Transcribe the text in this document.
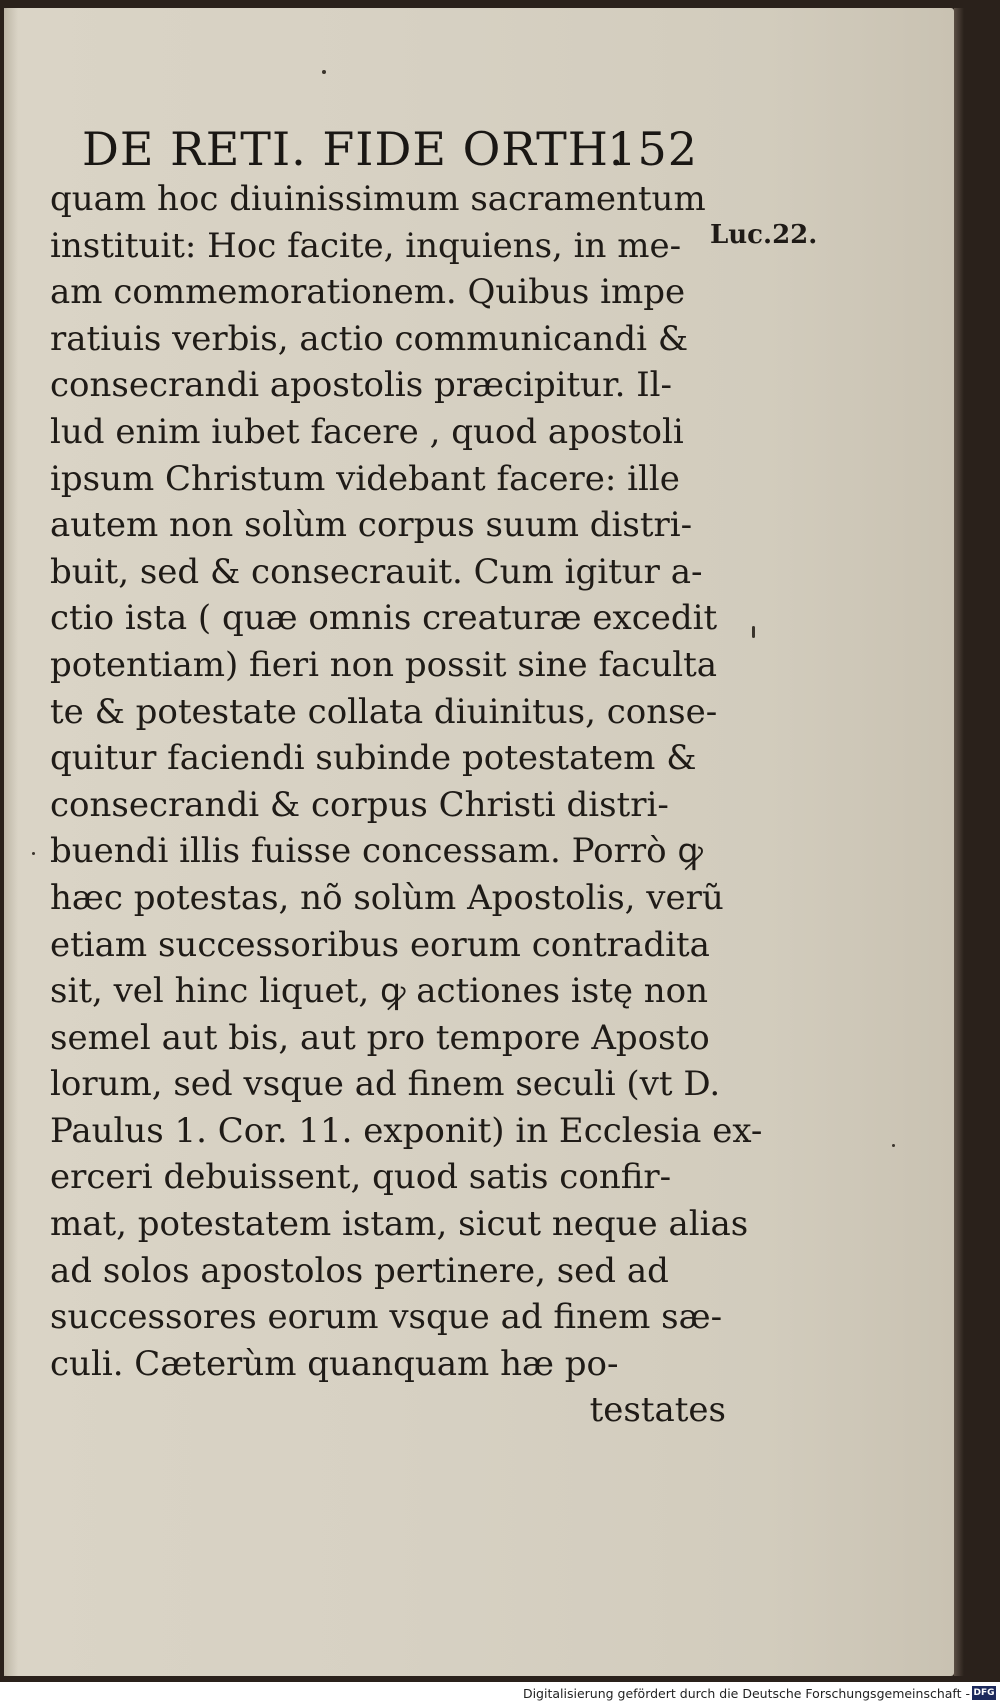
DE RETI. FIDE ORTH.
152
Luc.22.
quam hoc diuinissimum sacramentum
instituit: Hoc facite, inquiens, in me-
am commemorationem. Quibus impe
ratiuis verbis, actio communicandi &
consecrandi apostolis præcipitur. Il-
lud enim iubet facere , quod apostoli
ipsum Christum videbant facere: ille
autem non solùm corpus suum distri-
buit, sed & consecrauit. Cum igitur a-
ctio ista ( quæ omnis creaturæ excedit
potentiam) fieri non possit sine faculta
te & potestate collata diuinitus, conse-
quitur faciendi subinde potestatem &
consecrandi & corpus Christi distri-
buendi illis fuisse concessam. Porrò ꝙ
hæc potestas, nõ solùm Apostolis, verũ
etiam successoribus eorum contradita
sit, vel hinc liquet, ꝙ actiones istę non
semel aut bis, aut pro tempore Aposto
lorum, sed vsque ad finem seculi (vt D.
Paulus 1. Cor. 11. exponit) in Ecclesia ex-
erceri debuissent, quod satis confir-
mat, potestatem istam, sicut neque alias
ad solos apostolos pertinere, sed ad
successores eorum vsque ad finem sæ-
culi. Cæterùm quanquam hæ po-
testates
Digitalisierung gefördert durch die Deutsche Forschungsgemeinschaft - DFG
